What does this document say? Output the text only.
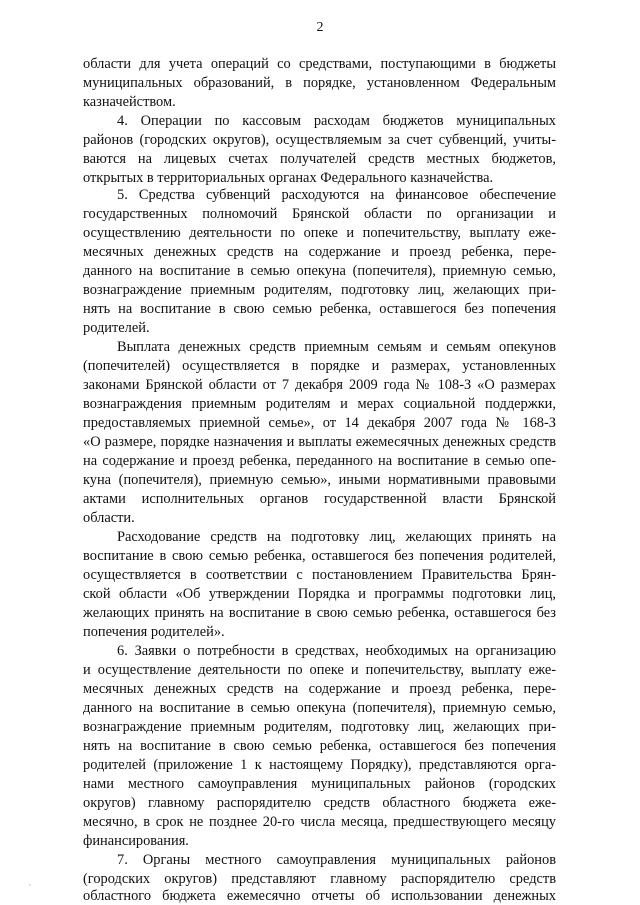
2
области для учета операций со средствами, поступающими в бюджеты
муниципальных образований, в порядке, установленном Федеральным
казначейством.
4. Операции по кассовым расходам бюджетов муниципальных
районов (городских округов), осуществляемым за счет субвенций, учиты-
ваются на лицевых счетах получателей средств местных бюджетов,
открытых в территориальных органах Федерального казначейства.
5. Средства субвенций расходуются на финансовое обеспечение
государственных полномочий Брянской области по организации и
осуществлению деятельности по опеке и попечительству, выплату еже-
месячных денежных средств на содержание и проезд ребенка, пере-
данного на воспитание в семью опекуна (попечителя), приемную семью,
вознаграждение приемным родителям, подготовку лиц, желающих при-
нять на воспитание в свою семью ребенка, оставшегося без попечения
родителей.
Выплата денежных средств приемным семьям и семьям опекунов
(попечителей) осуществляется в порядке и размерах, установленных
законами Брянской области от 7 декабря 2009 года № 108-З «О размерах
вознаграждения приемным родителям и мерах социальной поддержки,
предоставляемых приемной семье», от 14 декабря 2007 года № 168-З
«О размере, порядке назначения и выплаты ежемесячных денежных средств
на содержание и проезд ребенка, переданного на воспитание в семью опе-
куна (попечителя), приемную семью», иными нормативными правовыми
актами исполнительных органов государственной власти Брянской
области.
Расходование средств на подготовку лиц, желающих принять на
воспитание в свою семью ребенка, оставшегося без попечения родителей,
осуществляется в соответствии с постановлением Правительства Брян-
ской области «Об утверждении Порядка и программы подготовки лиц,
желающих принять на воспитание в свою семью ребенка, оставшегося без
попечения родителей».
6. Заявки о потребности в средствах, необходимых на организацию
и осуществление деятельности по опеке и попечительству, выплату еже-
месячных денежных средств на содержание и проезд ребенка, пере-
данного на воспитание в семью опекуна (попечителя), приемную семью,
вознаграждение приемным родителям, подготовку лиц, желающих при-
нять на воспитание в свою семью ребенка, оставшегося без попечения
родителей (приложение 1 к настоящему Порядку), представляются орга-
нами местного самоуправления муниципальных районов (городских
округов) главному распорядителю средств областного бюджета еже-
месячно, в срок не позднее 20-го числа месяца, предшествующего месяцу
финансирования.
7. Органы местного самоуправления муниципальных районов
(городских округов) представляют главному распорядителю средств
областного бюджета ежемесячно отчеты об использовании денежных
